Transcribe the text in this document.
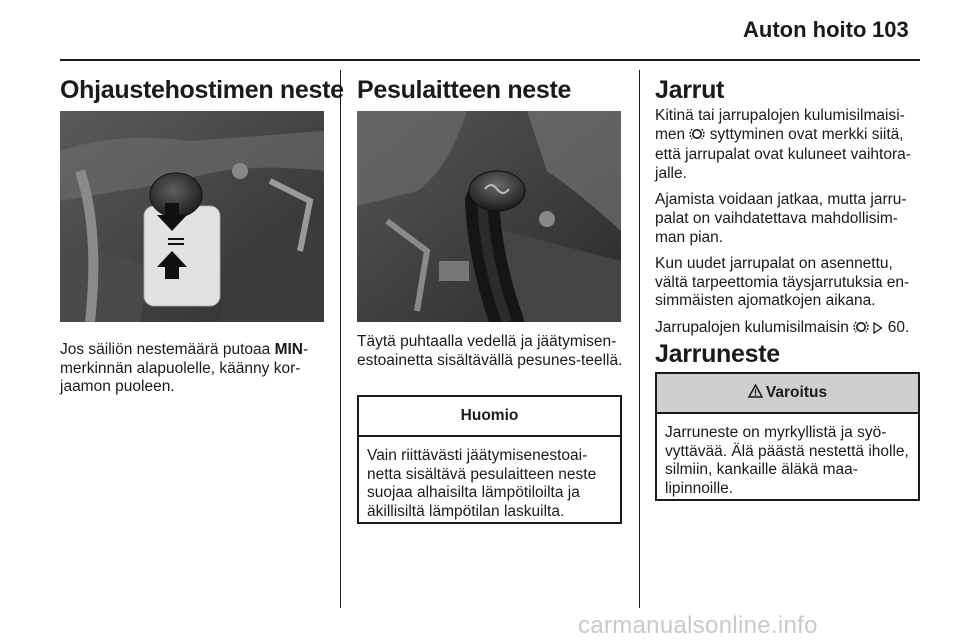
Auton hoito 103
Ohjaustehostimen neste
Jos säiliön nestemäärä putoaa MIN-merkinnän alapuolelle, käänny kor-jaamon puoleen.
Pesulaitteen neste
Täytä puhtaalla vedellä ja jäätymisen-estoainetta sisältävällä pesunes-teellä.
Huomio
Vain riittävästi jäätymisenestoai-netta sisältävä pesulaitteen neste suojaa alhaisilta lämpötiloilta ja äkillisiltä lämpötilan laskuilta.
Jarrut

Kitinä tai jarrupalojen kulumisilmaisi-men  syttyminen ovat merkki siitä, että jarrupalat ovat kuluneet vaihtora-jalle.

Ajamista voidaan jatkaa, mutta jarru-palat on vaihdatettava mahdollisim-man pian.

Kun uudet jarrupalat on asennettu, vältä tarpeettomia täysjarrutuksia en-simmäisten ajomatkojen aikana.

Jarrupalojen kulumisilmaisin   60.

Jarruneste
Varoitus
Jarruneste on myrkyllistä ja syö-vyttävää. Älä päästä nestettä iholle, silmiin, kankaille äläkä maa-lipinnoille.
carmanualsonline.info
